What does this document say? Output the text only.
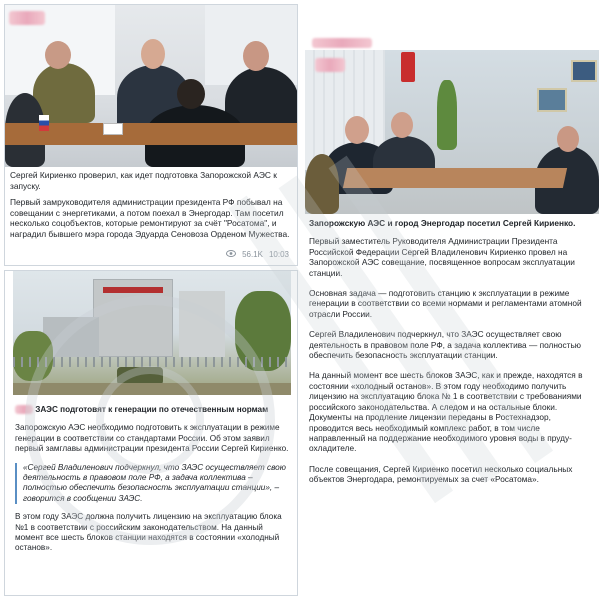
Сергей Кириенко проверил, как идет подготовка Запорожской АЭС к запуску.
Первый замруководителя администрации президента РФ побывал на совещании с энергетиками, а потом поехал в Энергодар. Там посетил несколько соцобъектов, которые ремонтируют за счёт "Росатома", и наградил бывшего мэра города Эдуарда Сеновоза Орденом Мужества.
56.1K 10:03
Запорожскую АЭС и город Энергодар посетил Сергей Кириенко.
Первый заместитель Руководителя Администрации Президента Российской Федерации Сергей Владиленович Кириенко провел на Запорожской АЭС совещание, посвященное вопросам эксплуатации станции.
Основная задача — подготовить станцию к эксплуатации в режиме генерации в соответствии со всеми нормами и регламентами атомной отрасли России.
Сергей Владиленович подчеркнул, что ЗАЭС осуществляет свою деятельность в правовом поле РФ, а задача коллектива — полностью обеспечить безопасность эксплуатации станции.
На данный момент все шесть блоков ЗАЭС, как и прежде, находятся в состоянии «холодный останов». В этом году необходимо получить лицензию на эксплуатацию блока № 1 в соответствии с требованиями российского законодательства. А следом и на остальные блоки. Документы на продление лицензии переданы в Ростехнадзор, проводится весь необходимый комплекс работ, в том числе направленный на поддержание необходимого уровня воды в пруду-охладителе.
После совещания, Сергей Кириенко посетил несколько социальных объектов Энергодара, ремонтируемых за счет «Росатома».
ЗАЭС подготовят к генерации по отечественным нормам
Запорожскую АЭС необходимо подготовить к эксплуатации в режиме генерации в соответствии со стандартами России. Об этом заявил первый замглавы администрации президента России Сергей Кириенко.
«Сергей Владиленович подчеркнул, что ЗАЭС осуществляет свою деятельность в правовом поле РФ, а задача коллектива – полностью обеспечить безопасность эксплуатации станции», – говорится в сообщении ЗАЭС.
В этом году ЗАЭС должна получить лицензию на эксплуатацию блока №1 в соответствии с российским законодательством. На данный момент все шесть блоков станции находятся в состоянии «холодный останов».
